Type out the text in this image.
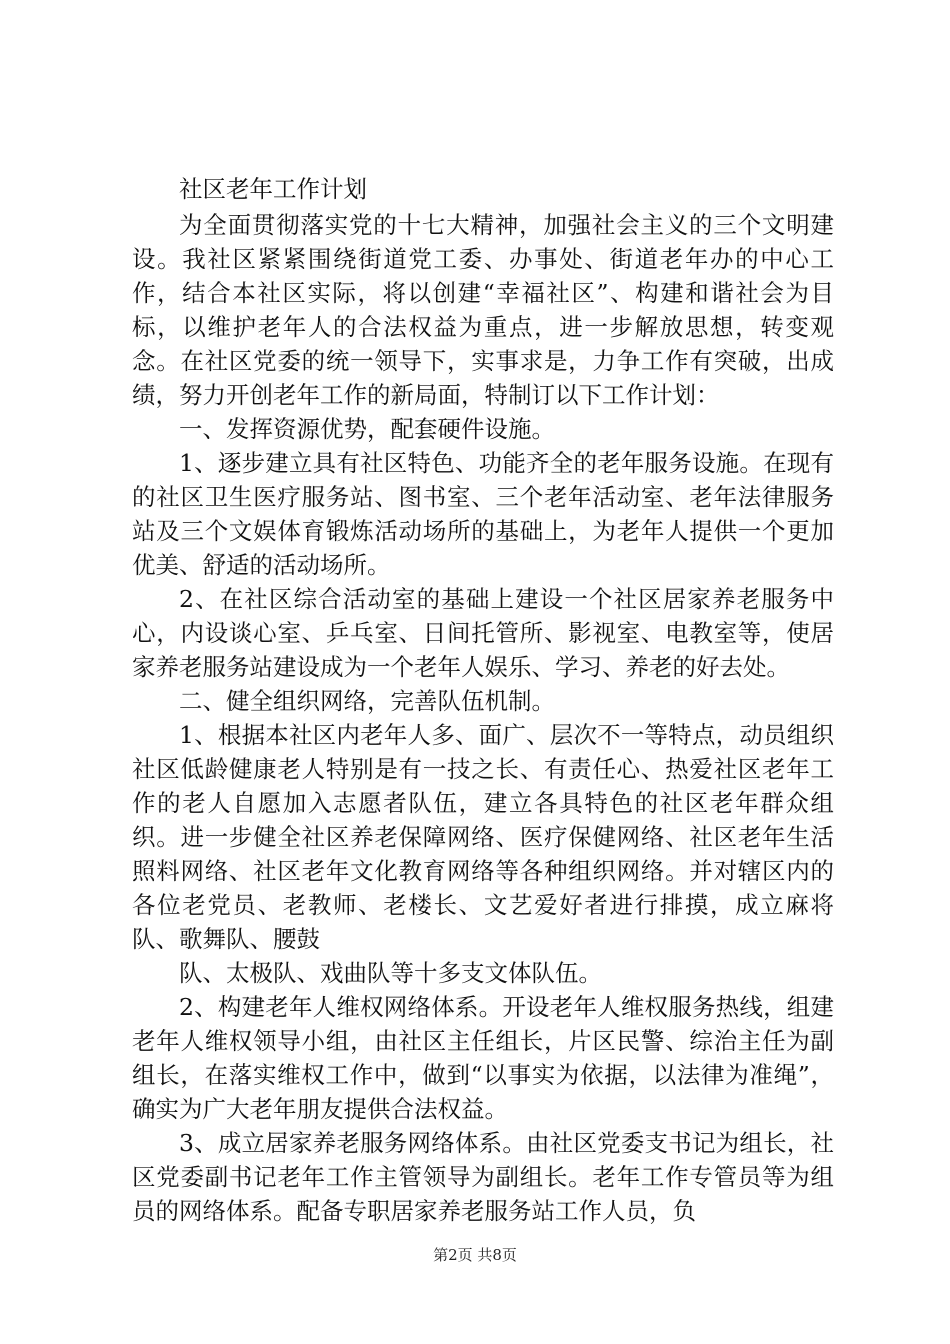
社区老年工作计划

为全面贯彻落实党的十七大精神，加强社会主义的三个文明建设。我社区紧紧围绕街道党工委、办事处、街道老年办的中心工作，结合本社区实际，将以创建“幸福社区”、构建和谐社会为目标，以维护老年人的合法权益为重点，进一步解放思想，转变观念。在社区党委的统一领导下，实事求是，力争工作有突破，出成绩，努力开创老年工作的新局面，特制订以下工作计划：

一、发挥资源优势，配套硬件设施。

1、逐步建立具有社区特色、功能齐全的老年服务设施。在现有的社区卫生医疗服务站、图书室、三个老年活动室、老年法律服务站及三个文娱体育锻炼活动场所的基础上，为老年人提供一个更加优美、舒适的活动场所。

2、在社区综合活动室的基础上建设一个社区居家养老服务中心，内设谈心室、乒乓室、日间托管所、影视室、电教室等，使居家养老服务站建设成为一个老年人娱乐、学习、养老的好去处。

二、健全组织网络，完善队伍机制。

1、根据本社区内老年人多、面广、层次不一等特点，动员组织社区低龄健康老人特别是有一技之长、有责任心、热爱社区老年工作的老人自愿加入志愿者队伍，建立各具特色的社区老年群众组织。进一步健全社区养老保障网络、医疗保健网络、社区老年生活照料网络、社区老年文化教育网络等各种组织网络。并对辖区内的各位老党员、老教师、老楼长、文艺爱好者进行排摸，成立麻将队、歌舞队、腰鼓

队、太极队、戏曲队等十多支文体队伍。

2、构建老年人维权网络体系。开设老年人维权服务热线，组建老年人维权领导小组，由社区主任组长，片区民警、综治主任为副组长，在落实维权工作中，做到“以事实为依据，以法律为准绳”，确实为广大老年朋友提供合法权益。

3、成立居家养老服务网络体系。由社区党委支书记为组长，社区党委副书记老年工作主管领导为副组长。老年工作专管员等为组员的网络体系。配备专职居家养老服务站工作人员，负

第2页 共8页
